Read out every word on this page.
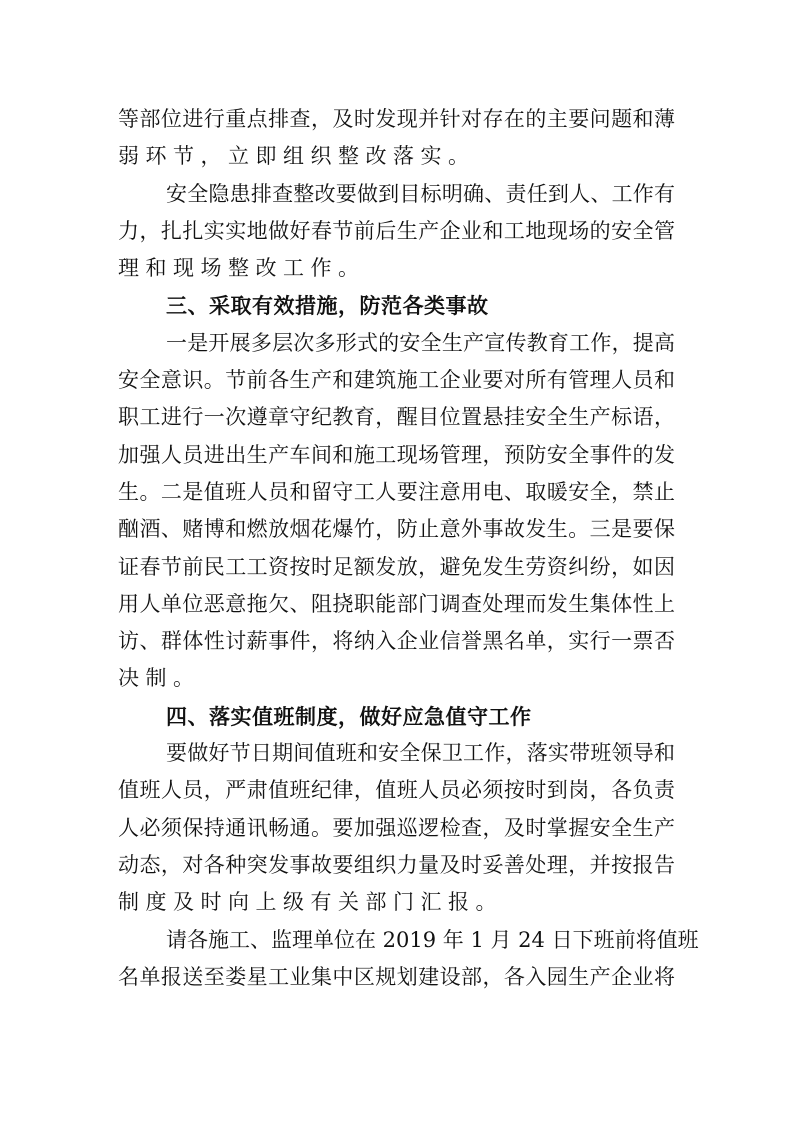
等部位进行重点排查，及时发现并针对存在的主要问题和薄
弱环节，立即组织整改落实。
安全隐患排查整改要做到目标明确、责任到人、工作有
力，扎扎实实地做好春节前后生产企业和工地现场的安全管
理和现场整改工作。
三、采取有效措施，防范各类事故
一是开展多层次多形式的安全生产宣传教育工作，提高
安全意识。节前各生产和建筑施工企业要对所有管理人员和
职工进行一次遵章守纪教育，醒目位置悬挂安全生产标语，
加强人员进出生产车间和施工现场管理，预防安全事件的发
生。二是值班人员和留守工人要注意用电、取暖安全，禁止
酗酒、赌博和燃放烟花爆竹，防止意外事故发生。三是要保
证春节前民工工资按时足额发放，避免发生劳资纠纷，如因
用人单位恶意拖欠、阻挠职能部门调查处理而发生集体性上
访、群体性讨薪事件，将纳入企业信誉黑名单，实行一票否
决制。
四、落实值班制度，做好应急值守工作
要做好节日期间值班和安全保卫工作，落实带班领导和
值班人员，严肃值班纪律，值班人员必须按时到岗，各负责
人必须保持通讯畅通。要加强巡逻检查，及时掌握安全生产
动态，对各种突发事故要组织力量及时妥善处理，并按报告
制度及时向上级有关部门汇报。
请各施工、监理单位在 2019 年 1 月 24 日下班前将值班
名单报送至娄星工业集中区规划建设部，各入园生产企业将
